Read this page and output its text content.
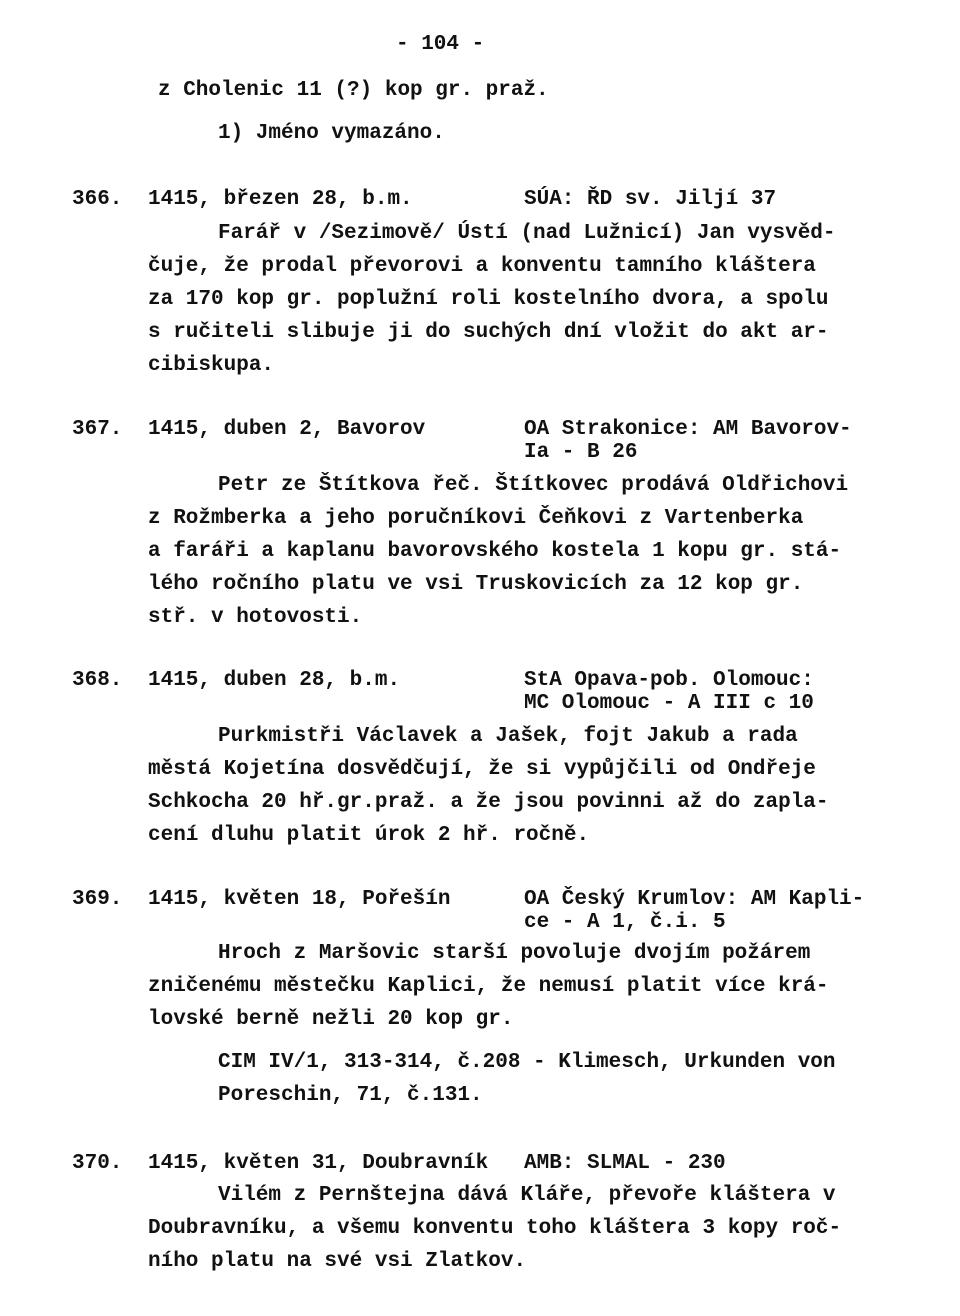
- 104 -
z Cholenic 11 (?) kop gr. praž.
1) Jméno vymazáno.
366. 1415, březen 28, b.m.	SÚA: ŘD sv. Jiljí 37
Farář v /Sezimově/ Ústí (nad Lužnicí) Jan vysvěd-
čuje, že prodal převorovi a konventu tamního kláštera
za 170 kop gr. poplužní roli kostelního dvora, a spolu
s ručiteli slibuje ji do suchých dní vložit do akt ar-
cibiskupa.
367. 1415, duben 2, Bavorov	OA Strakonice: AM Bavorov-
Ia - B 26
Petr ze Štítkova řeč. Štítkovec prodává Oldřichovi
z Rožmberka a jeho poručníkovi Čeňkovi z Vartenberka
a faráři a kaplanu bavorovského kostela 1 kopu gr. stá-
lého ročního platu ve vsi Truskovicích za 12 kop gr.
stř. v hotovosti.
368. 1415, duben 28, b.m.	StA Opava-pob. Olomouc:
MC Olomouc - A III c 10
Purkmistři Václavek a Jašek, fojt Jakub a rada
městá Kojetína dosvědčují, že si vypůjčili od Ondřeje
Schkocha 20 hř.gr.praž. a že jsou povinni až do zapla-
cení dluhu platit úrok 2 hř. ročně.
369. 1415, květen 18, Pořešín	OA Český Krumlov: AM Kapli-
ce - A 1, č.i. 5
Hroch z Maršovic starší povoluje dvojím požárem
zničenému městečku Kaplici, že nemusí platit více krá-
lovské berně nežli 20 kop gr.
CIM IV/1, 313-314, č.208 - Klimesch, Urkunden von
Poreschin, 71, č.131.
370. 1415, květen 31, Doubravník AMB: SLMAL - 230
Vilém z Pernštejna dává Kláře, převoře kláštera v
Doubravníku, a všemu konventu toho kláštera 3 kopy roč-
ního platu na své vsi Zlatkov.
